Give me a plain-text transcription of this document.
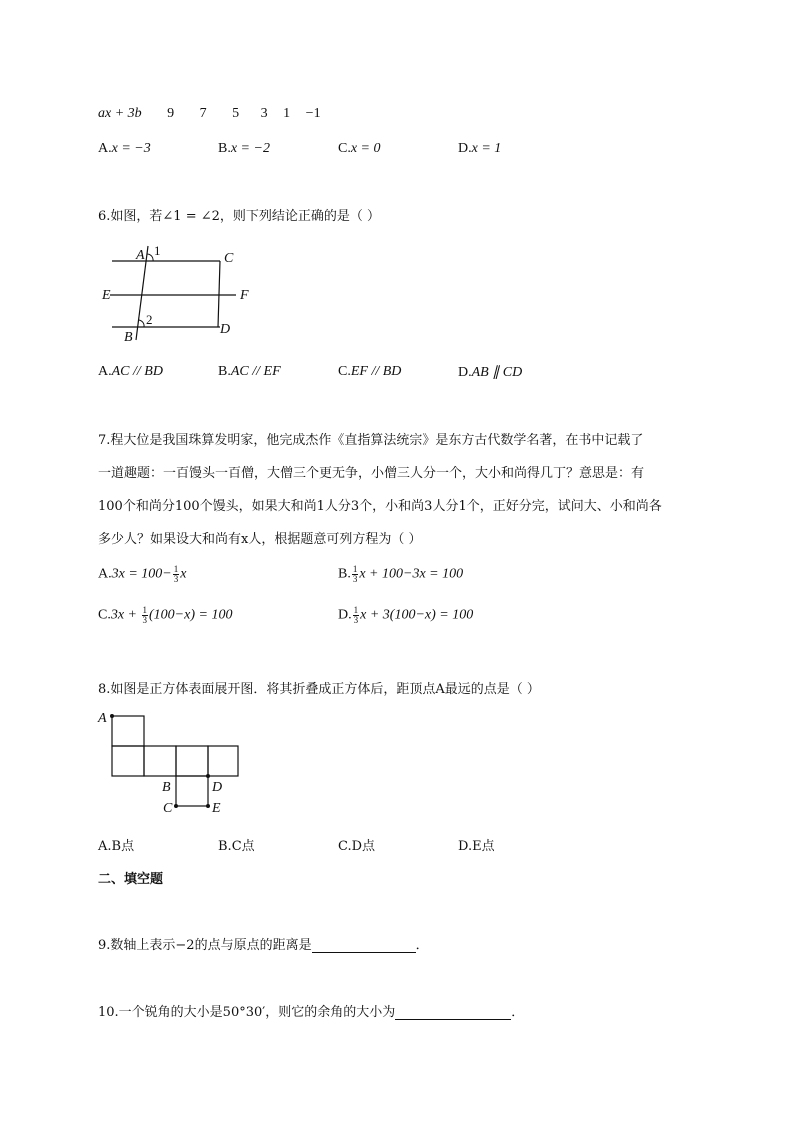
ax + 3b 9 7 5 3 1 −1
A.x = −3	B.x = −2	C.x = 0	D.x = 1
6.如图，若∠1 = ∠2，则下列结论正确的是（ ）
A 1
C
E	F
2
D
B
A.AC // BD	B.AC // EF	C.EF // BD	D.AB ∥ CD
7.程大位是我国珠算发明家，他完成杰作《直指算法统宗》是东方古代数学名著，在书中记载了
一道趣题：一百馒头一百僧，大僧三个更无争，小僧三人分一个，大小和尚得几丁？意思是：有
100个和尚分100个馒头，如果大和尚1人分3个，小和尚3人分1个，正好分完，试问大、小和尚各
多少人？如果设大和尚有x人，根据题意可列方程为（ ）
$A.3x = 100- \frac{1}{3}$ x	B. $\frac{1}{3}$ x + 100−3x = 100
$C.3x + \frac{1}{3} (100-x) = 100$	D. $\frac{1}{3}$ x + 3(100−x) = 100
8.如图是正方体表面展开图．将其折叠成正方体后，距顶点A最远的点是（ ）
A
B	D
C	E
A.B点	B.C点	C.D点	D.E点
二、填空题
9.数轴上表示−2的点与原点的距离是	．
10.一个锐角的大小是50°30′，则它的余角的大小为	．
